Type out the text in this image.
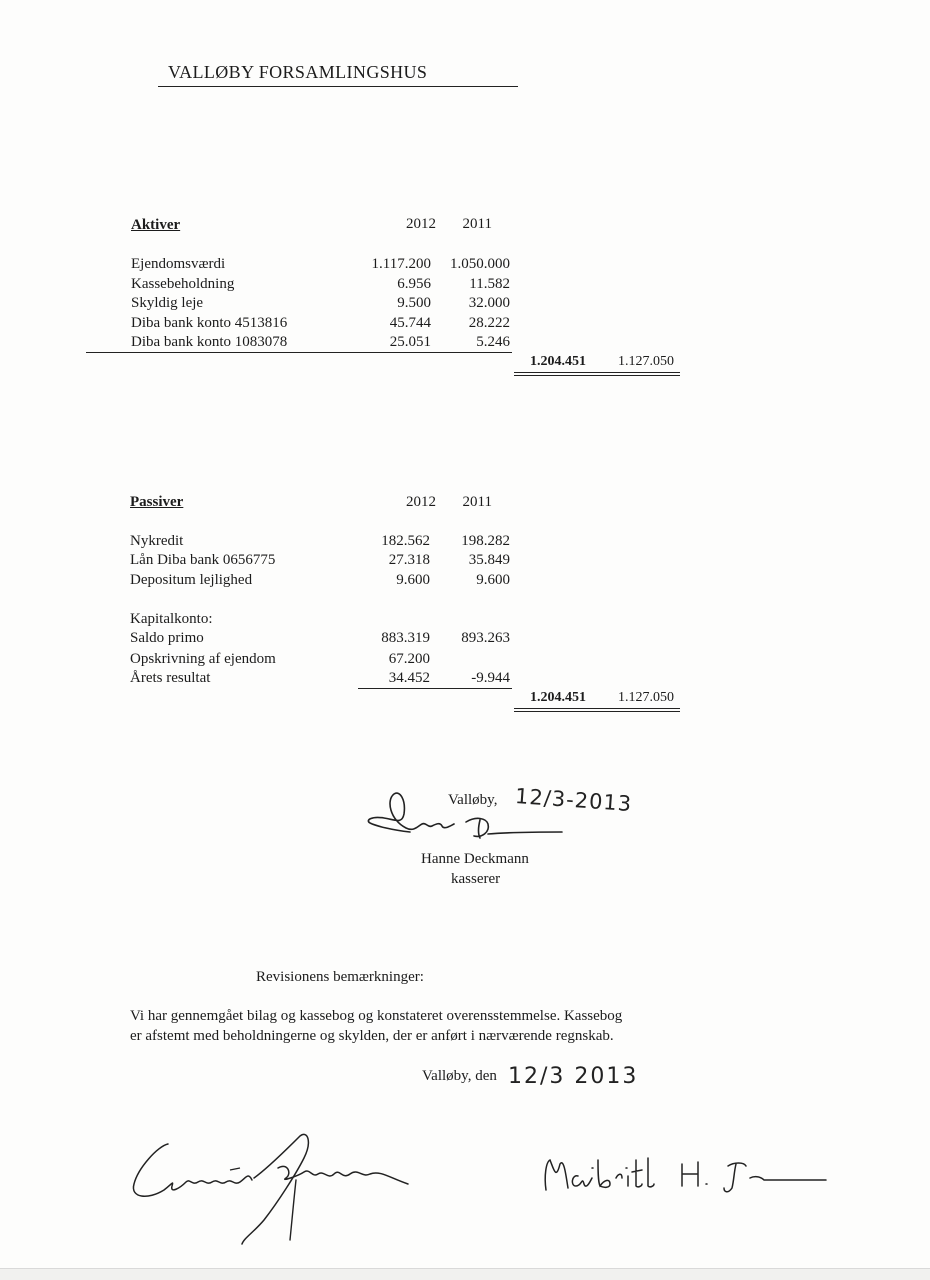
VALLØBY FORSAMLINGSHUS
Aktiver	2012	2011
Ejendomsværdi	1.117.200	1.050.000
Kassebeholdning	6.956	11.582
Skyldig leje	9.500	32.000
Diba bank konto 4513816	45.744	28.222
Diba bank konto 1083078	25.051	5.246
1.204.451	1.127.050
Passiver	2012	2011
Nykredit	182.562	198.282
Lån Diba bank 0656775	27.318	35.849
Depositum lejlighed	9.600	9.600
Kapitalkonto:
Saldo primo	883.319	893.263
Opskrivning af ejendom	67.200
Årets resultat	34.452	-9.944
1.204.451	1.127.050
Valløby, 12/3-2013
Hanne Deckmann
kasserer
Revisionens bemærkninger:
Vi har gennemgået bilag og kassebog og konstateret overensstemmelse. Kassebog
er afstemt med beholdningerne og skylden, der er anført i nærværende regnskab.
Valløby, den 12/3 2013
